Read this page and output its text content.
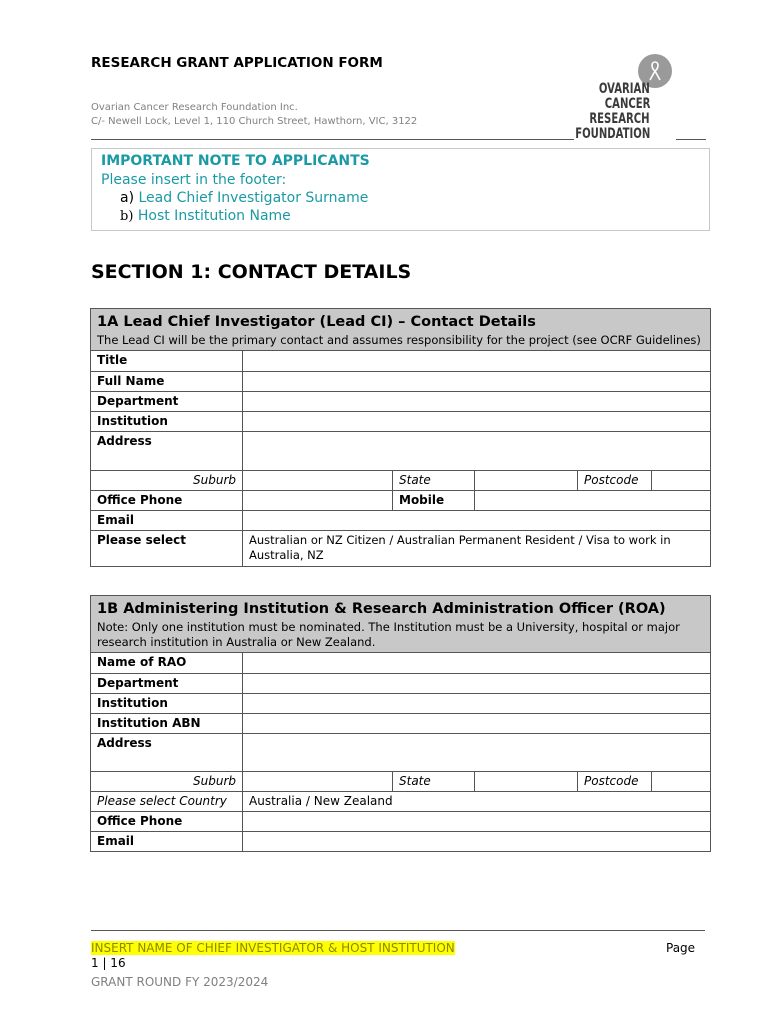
RESEARCH GRANT APPLICATION FORM
Ovarian Cancer Research Foundation Inc.
C/- Newell Lock, Level 1, 110 Church Street, Hawthorn, VIC, 3122
OVARIAN
CANCER
RESEARCH
FOUNDATION
IMPORTANT NOTE TO APPLICANTS
Please insert in the footer:
a) Lead Chief Investigator Surname
b) Host Institution Name
SECTION 1: CONTACT DETAILS
1A Lead Chief Investigator (Lead CI) – Contact Details
The Lead CI will be the primary contact and assumes responsibility for the project (see OCRF Guidelines)
Title
Full Name
Department
Institution
Address
Suburb	State	Postcode
Office Phone	Mobile
Email
Please select	Australian or NZ Citizen / Australian Permanent Resident / Visa to work in Australia, NZ
1B Administering Institution & Research Administration Officer (ROA)
Note: Only one institution must be nominated. The Institution must be a University, hospital or major research institution in Australia or New Zealand.
Name of RAO
Department
Institution
Institution ABN
Address
Suburb	State	Postcode
Please select Country	Australia / New Zealand
Office Phone
Email
INSERT NAME OF CHIEF INVESTIGATOR & HOST INSTITUTION	Page
1 | 16
GRANT ROUND FY 2023/2024
